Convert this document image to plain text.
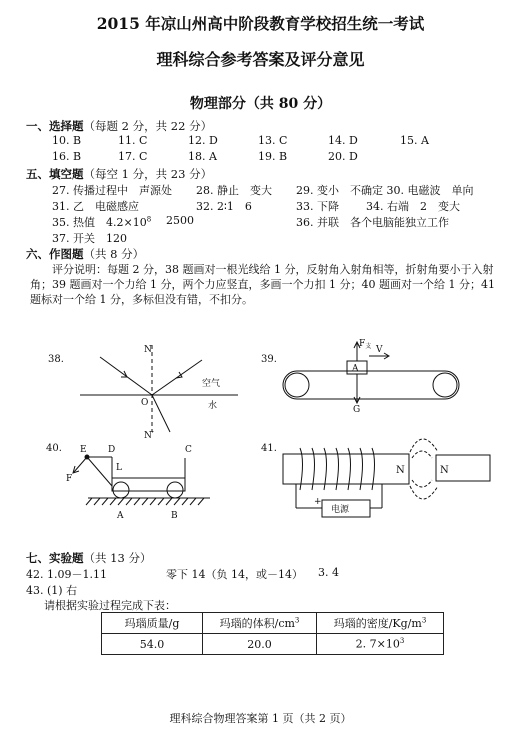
2015 年凉山州高中阶段教育学校招生统一考试
理科综合参考答案及评分意见
物理部分（共 80 分）
一、选择题（每题 2 分，共 22 分）
10. B	11. C	12. D	13. C	14. D	15. A
16. B	17. C	18. A	19. B	20. D
五、填空题（每空 1 分，共 23 分）
27. 传播过程中　声源处 28. 静止　变大 29. 变小　不确定 30. 电磁波　单向
31. 乙　电磁感应	32. 2∶1　6	33. 下降 34. 右端　2　变大
35. 热值　$4.2\times 10^8$ 2500	36. 并联　各个电脑能独立工作
37. 开关　120
六、作图题（共 8 分）
评分说明：每题 2 分，38 题画对一根光线给 1 分，反射角入射角相等，折射角要小于入射角；39 题画对一个力给 1 分，两个力应竖直，多画一个力扣 1 分；40 题画对一个给 1 分；41 题标对一个给 1 分，多标但没有错，不扣分。
38.
N
N′
O
空气
水
39.
A
$F_支$ V
G
40. E D	C
L
F
A	B
41.
N	N
+
电源
七、实验题（共 13 分）
42. 1.09－1.11	零下 14（负 14，或－14） 3. 4
43. (1) 右
请根据实验过程完成下表：
玛瑙质量/g	玛瑙的体积$/cm^3$	玛瑙的密度$/Kg/m^3$
54.0	20.0	2. $7\times 10^3$
理科综合物理答案第 1 页（共 2 页）
